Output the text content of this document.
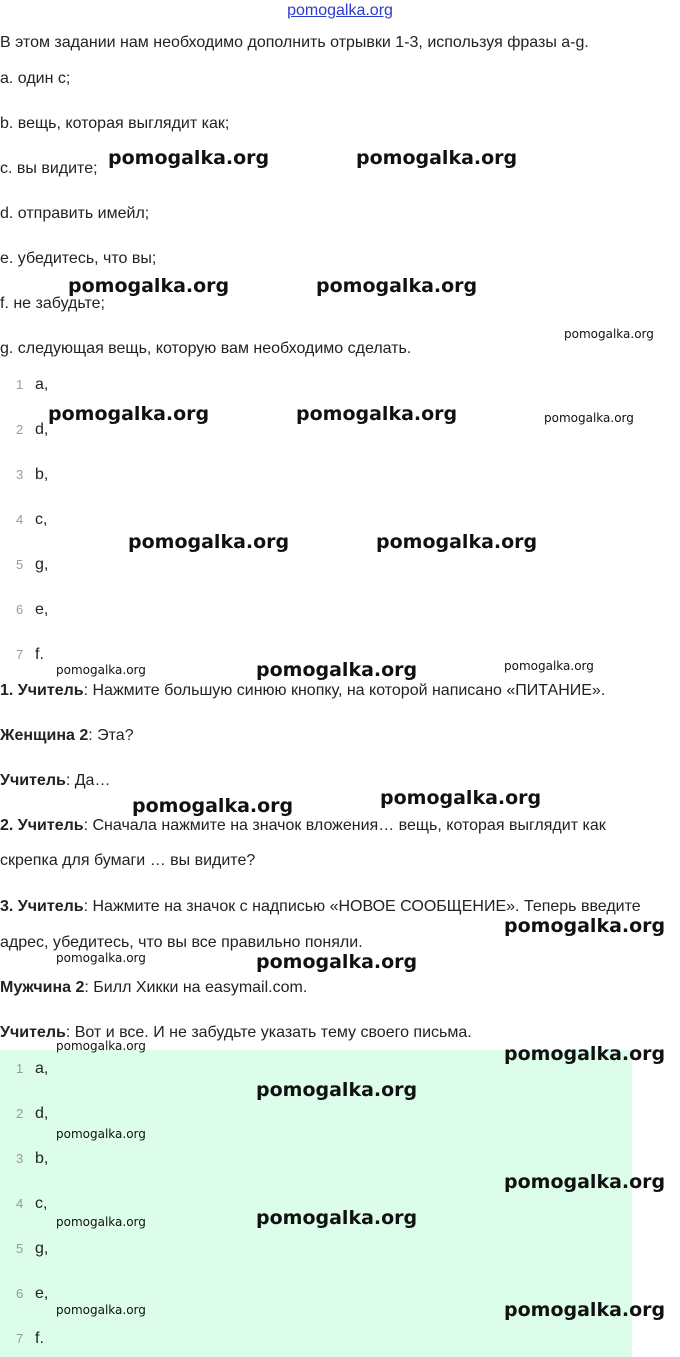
pomogalka.org
В этом задании нам необходимо дополнить отрывки 1-3, используя фразы a-g.
a. один с;
b. вещь, которая выглядит как;
c. вы видите;
d. отправить имейл;
e. убедитесь, что вы;
f. не забудьте;
g. следующая вещь, которую вам необходимо сделать.
1 a,
2 d,
3 b,
4 c,
5 g,
6 e,
7 f.
1. Учитель: Нажмите большую синюю кнопку, на которой написано «ПИТАНИЕ».
Женщина 2: Эта?
Учитель: Да…
2. Учитель: Сначала нажмите на значок вложения… вещь, которая выглядит как
скрепка для бумаги … вы видите?
3. Учитель: Нажмите на значок с надписью «НОВОЕ СООБЩЕНИЕ». Теперь введите
адрес, убедитесь, что вы все правильно поняли.
Мужчина 2: Билл Хикки на easymail.com.
Учитель: Вот и все. И не забудьте указать тему своего письма.
1 a,
2 d,
3 b,
4 c,
5 g,
6 e,
7 f.
pomogalka.org	pomogalka.org
pomogalka.org	pomogalka.org
pomogalka.org
pomogalka.org	pomogalka.org	pomogalka.org
pomogalka.org	pomogalka.org
pomogalka.org	pomogalka.org	pomogalka.org
pomogalka.org	pomogalka.org
pomogalka.org
pomogalka.org	pomogalka.org
pomogalka.org	pomogalka.org
pomogalka.org
pomogalka.org
pomogalka.org
pomogalka.org	pomogalka.org
pomogalka.org	pomogalka.org
